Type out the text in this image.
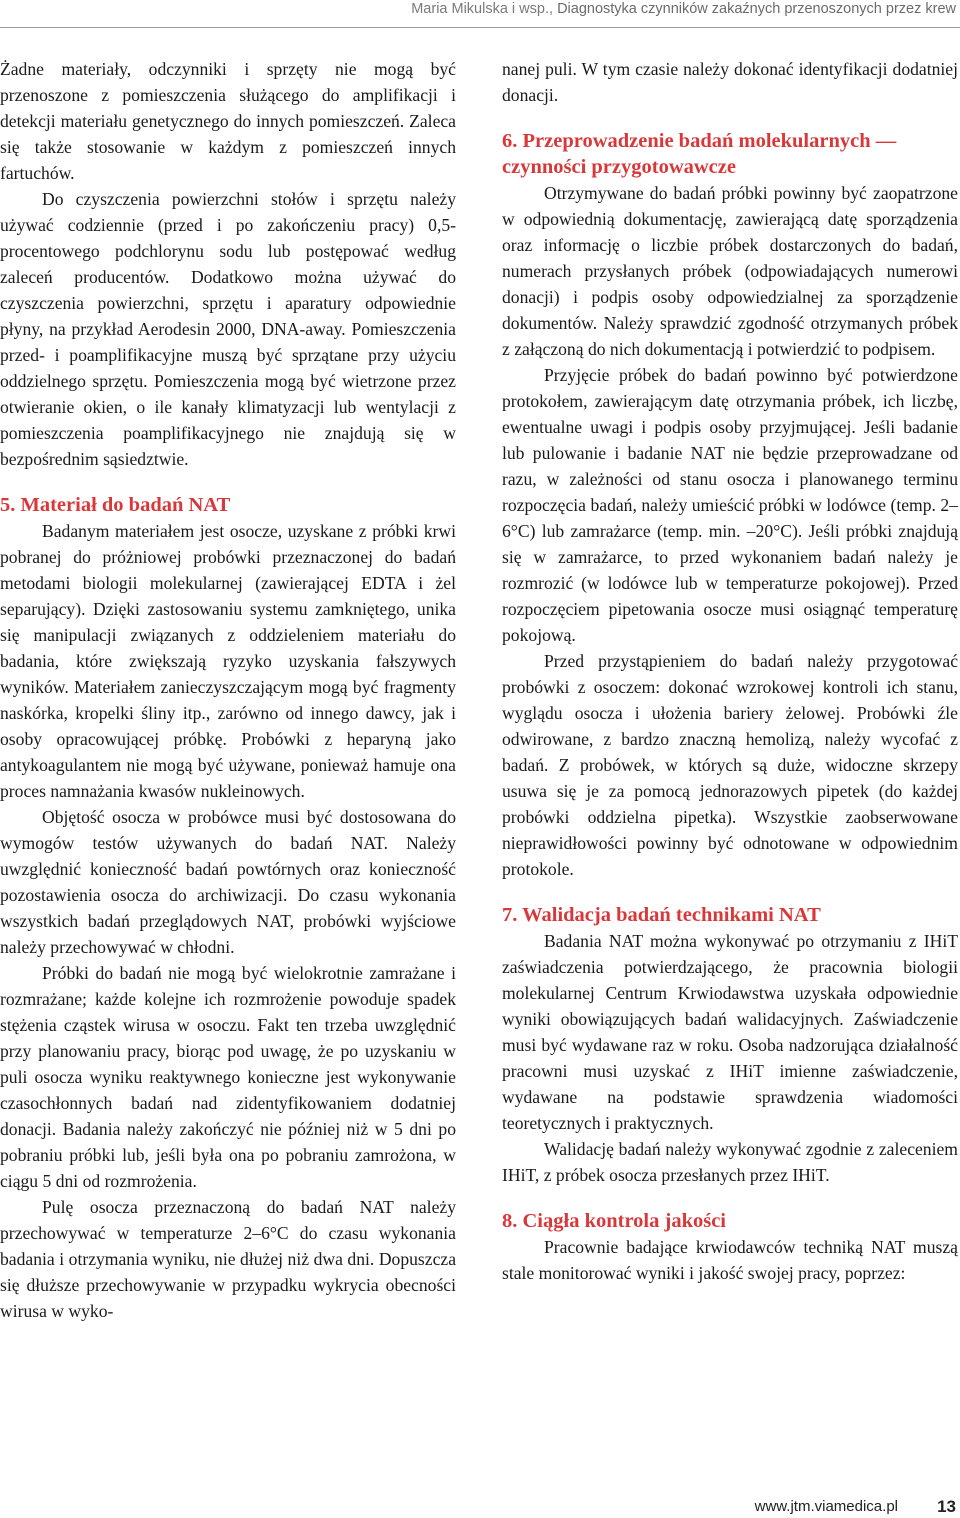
Maria Mikulska i wsp., Diagnostyka czynników zakaźnych przenoszonych przez krew

Żadne materiały, odczynniki i sprzęty nie mogą być przenoszone z pomieszczenia służącego do amplifikacji i detekcji materiału genetycznego do innych pomieszczeń. Zaleca się także stosowanie w każdym z pomieszczeń innych fartuchów.

Do czyszczenia powierzchni stołów i sprzętu należy używać codziennie (przed i po zakończeniu pracy) 0,5-procentowego podchlorynu sodu lub postępować według zaleceń producentów. Dodatkowo można używać do czyszczenia powierzchni, sprzętu i aparatury odpowiednie płyny, na przykład Aerodesin 2000, DNA-away. Pomieszczenia przed- i poamplifikacyjne muszą być sprzątane przy użyciu oddzielnego sprzętu. Pomieszczenia mogą być wietrzone przez otwieranie okien, o ile kanały klimatyzacji lub wentylacji z pomieszczenia poamplifikacyjnego nie znajdują się w bezpośrednim sąsiedztwie.

5. Materiał do badań NAT

Badanym materiałem jest osocze, uzyskane z próbki krwi pobranej do próżniowej probówki przeznaczonej do badań metodami biologii molekularnej (zawierającej EDTA i żel separujący). Dzięki zastosowaniu systemu zamkniętego, unika się manipulacji związanych z oddzieleniem materiału do badania, które zwiększają ryzyko uzyskania fałszywych wyników. Materiałem zanieczyszczającym mogą być fragmenty naskórka, kropelki śliny itp., zarówno od innego dawcy, jak i osoby opracowującej próbkę. Probówki z heparyną jako antykoagulantem nie mogą być używane, ponieważ hamuje ona proces namnażania kwasów nukleinowych.

Objętość osocza w probówce musi być dostosowana do wymogów testów używanych do badań NAT. Należy uwzględnić konieczność badań powtórnych oraz konieczność pozostawienia osocza do archiwizacji. Do czasu wykonania wszystkich badań przeglądowych NAT, probówki wyjściowe należy przechowywać w chłodni.

Próbki do badań nie mogą być wielokrotnie zamrażane i rozmrażane; każde kolejne ich rozmrożenie powoduje spadek stężenia cząstek wirusa w osoczu. Fakt ten trzeba uwzględnić przy planowaniu pracy, biorąc pod uwagę, że po uzyskaniu w puli osocza wyniku reaktywnego konieczne jest wykonywanie czasochłonnych badań nad zidentyfikowaniem dodatniej donacji. Badania należy zakończyć nie później niż w 5 dni po pobraniu próbki lub, jeśli była ona po pobraniu zamrożona, w ciągu 5 dni od rozmrożenia.

Pulę osocza przeznaczoną do badań NAT należy przechowywać w temperaturze 2–6°C do czasu wykonania badania i otrzymania wyniku, nie dłużej niż dwa dni. Dopuszcza się dłuższe przechowywanie w przypadku wykrycia obecności wirusa w wyko-

nanej puli. W tym czasie należy dokonać identyfikacji dodatniej donacji.

6. Przeprowadzenie badań molekularnych — czynności przygotowawcze

Otrzymywane do badań próbki powinny być zaopatrzone w odpowiednią dokumentację, zawierającą datę sporządzenia oraz informację o liczbie próbek dostarczonych do badań, numerach przysłanych próbek (odpowiadających numerowi donacji) i podpis osoby odpowiedzialnej za sporządzenie dokumentów. Należy sprawdzić zgodność otrzymanych próbek z załączoną do nich dokumentacją i potwierdzić to podpisem.

Przyjęcie próbek do badań powinno być potwierdzone protokołem, zawierającym datę otrzymania próbek, ich liczbę, ewentualne uwagi i podpis osoby przyjmującej. Jeśli badanie lub pulowanie i badanie NAT nie będzie przeprowadzane od razu, w zależności od stanu osocza i planowanego terminu rozpoczęcia badań, należy umieścić próbki w lodówce (temp. 2–6°C) lub zamrażarce (temp. min. –20°C). Jeśli próbki znajdują się w zamrażarce, to przed wykonaniem badań należy je rozmrozić (w lodówce lub w temperaturze pokojowej). Przed rozpoczęciem pipetowania osocze musi osiągnąć temperaturę pokojową.

Przed przystąpieniem do badań należy przygotować probówki z osoczem: dokonać wzrokowej kontroli ich stanu, wyglądu osocza i ułożenia bariery żelowej. Probówki źle odwirowane, z bardzo znaczną hemolizą, należy wycofać z badań. Z probówek, w których są duże, widoczne skrzepy usuwa się je za pomocą jednorazowych pipetek (do każdej probówki oddzielna pipetka). Wszystkie zaobserwowane nieprawidłowości powinny być odnotowane w odpowiednim protokole.

7. Walidacja badań technikami NAT

Badania NAT można wykonywać po otrzymaniu z IHiT zaświadczenia potwierdzającego, że pracownia biologii molekularnej Centrum Krwiodawstwa uzyskała odpowiednie wyniki obowiązujących badań walidacyjnych. Zaświadczenie musi być wydawane raz w roku. Osoba nadzorująca działalność pracowni musi uzyskać z IHiT imienne zaświadczenie, wydawane na podstawie sprawdzenia wiadomości teoretycznych i praktycznych.

Walidację badań należy wykonywać zgodnie z zaleceniem IHiT, z próbek osocza przesłanych przez IHiT.

8. Ciągła kontrola jakości

Pracownie badające krwiodawców techniką NAT muszą stale monitorować wyniki i jakość swojej pracy, poprzez:

www.jtm.viamedica.pl 13
